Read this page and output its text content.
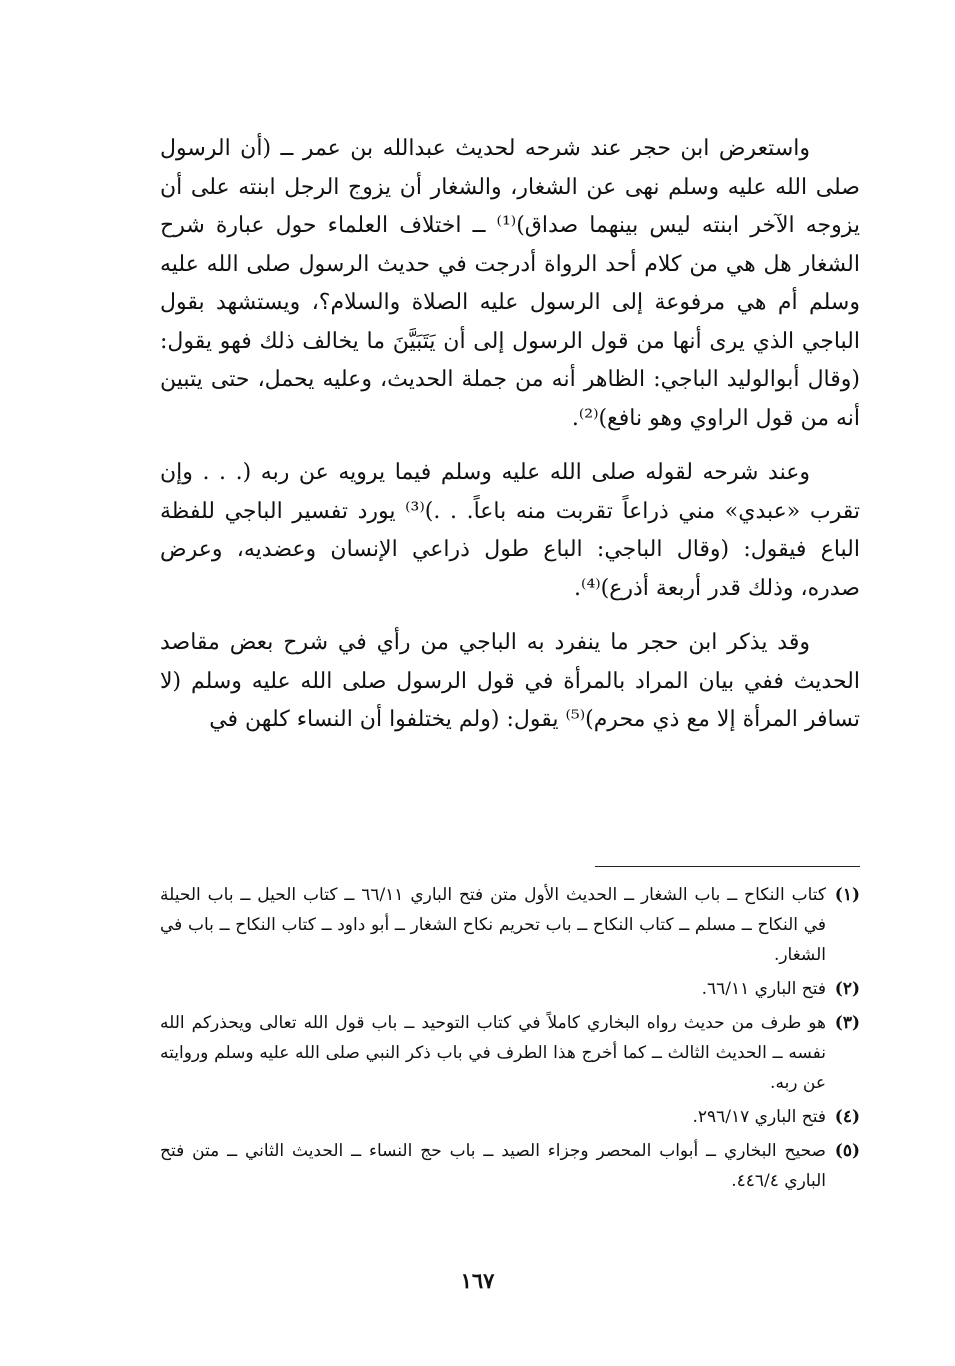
واستعرض ابن حجر عند شرحه لحديث عبدالله بن عمر ــ (أن الرسول صلى الله عليه وسلم نهى عن الشغار، والشغار أن يزوج الرجل ابنته على أن يزوجه الآخر ابنته ليس بينهما صداق)⁽¹⁾ ــ اختلاف العلماء حول عبارة شرح الشغار هل هي من كلام أحد الرواة أدرجت في حديث الرسول صلى الله عليه وسلم أم هي مرفوعة إلى الرسول عليه الصلاة والسلام؟، ويستشهد بقول الباجي الذي يرى أنها من قول الرسول إلى أن يَتَبَيَّنَ ما يخالف ذلك فهو يقول: (وقال أبوالوليد الباجي: الظاهر أنه من جملة الحديث، وعليه يحمل، حتى يتبين أنه من قول الراوي وهو نافع)⁽²⁾.

وعند شرحه لقوله صلى الله عليه وسلم فيما يرويه عن ربه (. . . وإن تقرب «عبدي» مني ذراعاً تقربت منه باعاً. . .)⁽³⁾ يورد تفسير الباجي للفظة الباع فيقول: (وقال الباجي: الباع طول ذراعي الإنسان وعضديه، وعرض صدره، وذلك قدر أربعة أذرع)⁽⁴⁾.

وقد يذكر ابن حجر ما ينفرد به الباجي من رأي في شرح بعض مقاصد الحديث ففي بيان المراد بالمرأة في قول الرسول صلى الله عليه وسلم (لا تسافر المرأة إلا مع ذي محرم)⁽⁵⁾ يقول: (ولم يختلفوا أن النساء كلهن في

(١)
كتاب النكاح ــ باب الشغار ــ الحديث الأول متن فتح الباري ٦٦/١١ ــ كتاب الحيل ــ باب الحيلة في النكاح ــ مسلم ــ كتاب النكاح ــ باب تحريم نكاح الشغار ــ أبو داود ــ كتاب النكاح ــ باب في الشغار.
(٢)
فتح الباري ٦٦/١١.
(٣)
هو طرف من حديث رواه البخاري كاملاً في كتاب التوحيد ــ باب قول الله تعالى ويحذركم الله نفسه ــ الحديث الثالث ــ كما أخرج هذا الطرف في باب ذكر النبي صلى الله عليه وسلم وروايته عن ربه.
(٤)
فتح الباري ٢٩٦/١٧.
(٥)
صحيح البخاري ــ أبواب المحصر وجزاء الصيد ــ باب حج النساء ــ الحديث الثاني ــ متن فتح الباري ٤٤٦/٤.
١٦٧
